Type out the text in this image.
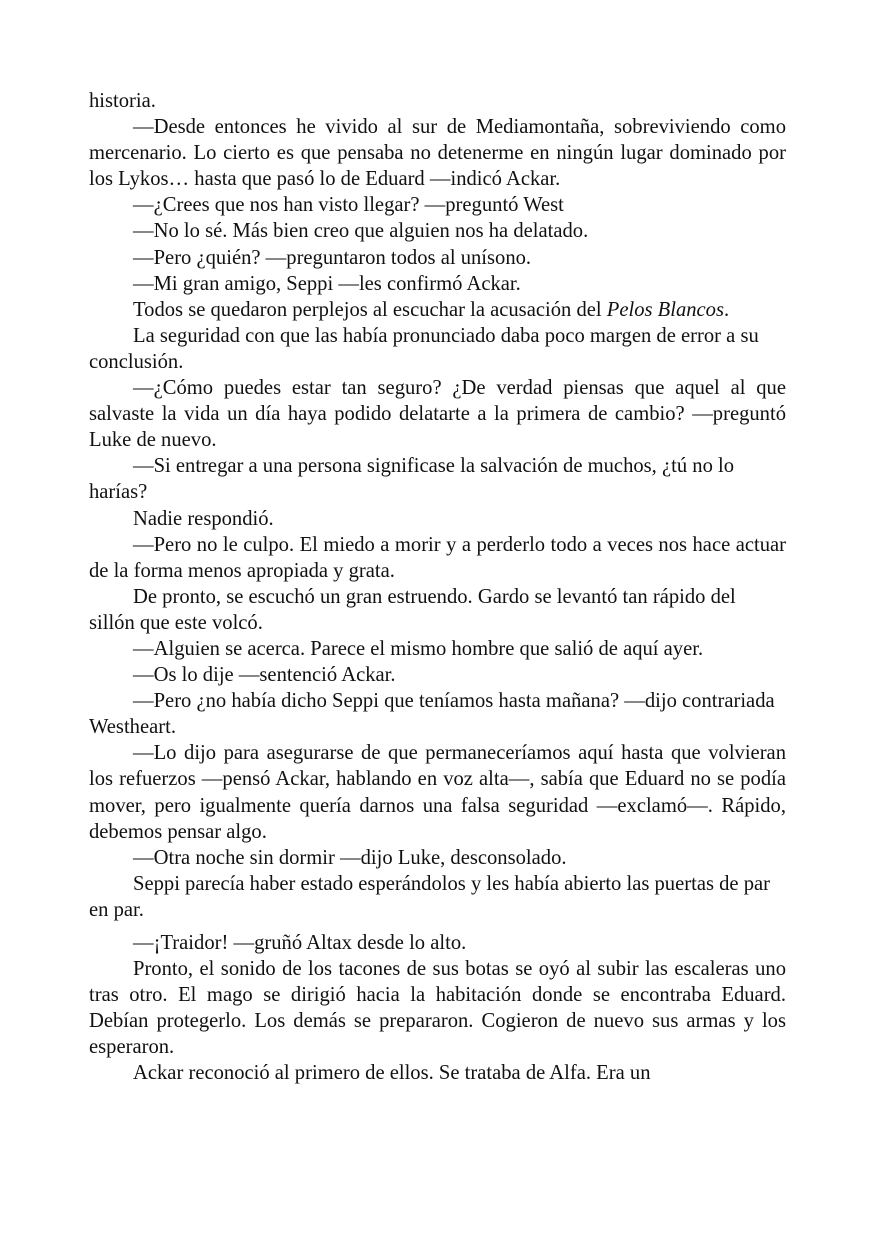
historia.

—Desde entonces he vivido al sur de Mediamontaña, sobreviviendo como mercenario. Lo cierto es que pensaba no detenerme en ningún lugar dominado por los Lykos… hasta que pasó lo de Eduard —indicó Ackar.

—¿Crees que nos han visto llegar? —preguntó West

—No lo sé. Más bien creo que alguien nos ha delatado.

—Pero ¿quién? —preguntaron todos al unísono.

—Mi gran amigo, Seppi —les confirmó Ackar.

Todos se quedaron perplejos al escuchar la acusación del Pelos Blancos.

La seguridad con que las había pronunciado daba poco margen de error a su conclusión.

—¿Cómo puedes estar tan seguro? ¿De verdad piensas que aquel al que salvaste la vida un día haya podido delatarte a la primera de cambio? —preguntó Luke de nuevo.

—Si entregar a una persona significase la salvación de muchos, ¿tú no lo harías?

Nadie respondió.

—Pero no le culpo. El miedo a morir y a perderlo todo a veces nos hace actuar de la forma menos apropiada y grata.

De pronto, se escuchó un gran estruendo. Gardo se levantó tan rápido del sillón que este volcó.

—Alguien se acerca. Parece el mismo hombre que salió de aquí ayer.

—Os lo dije —sentenció Ackar.

—Pero ¿no había dicho Seppi que teníamos hasta mañana? —dijo contrariada Westheart.

—Lo dijo para asegurarse de que permaneceríamos aquí hasta que volvieran los refuerzos —pensó Ackar, hablando en voz alta—, sabía que Eduard no se podía mover, pero igualmente quería darnos una falsa seguridad —exclamó—. Rápido, debemos pensar algo.

—Otra noche sin dormir —dijo Luke, desconsolado.

Seppi parecía haber estado esperándolos y les había abierto las puertas de par en par.

—¡Traidor! —gruñó Altax desde lo alto.

Pronto, el sonido de los tacones de sus botas se oyó al subir las escaleras uno tras otro. El mago se dirigió hacia la habitación donde se encontraba Eduard. Debían protegerlo. Los demás se prepararon. Cogieron de nuevo sus armas y los esperaron.

Ackar reconoció al primero de ellos. Se trataba de Alfa. Era un
